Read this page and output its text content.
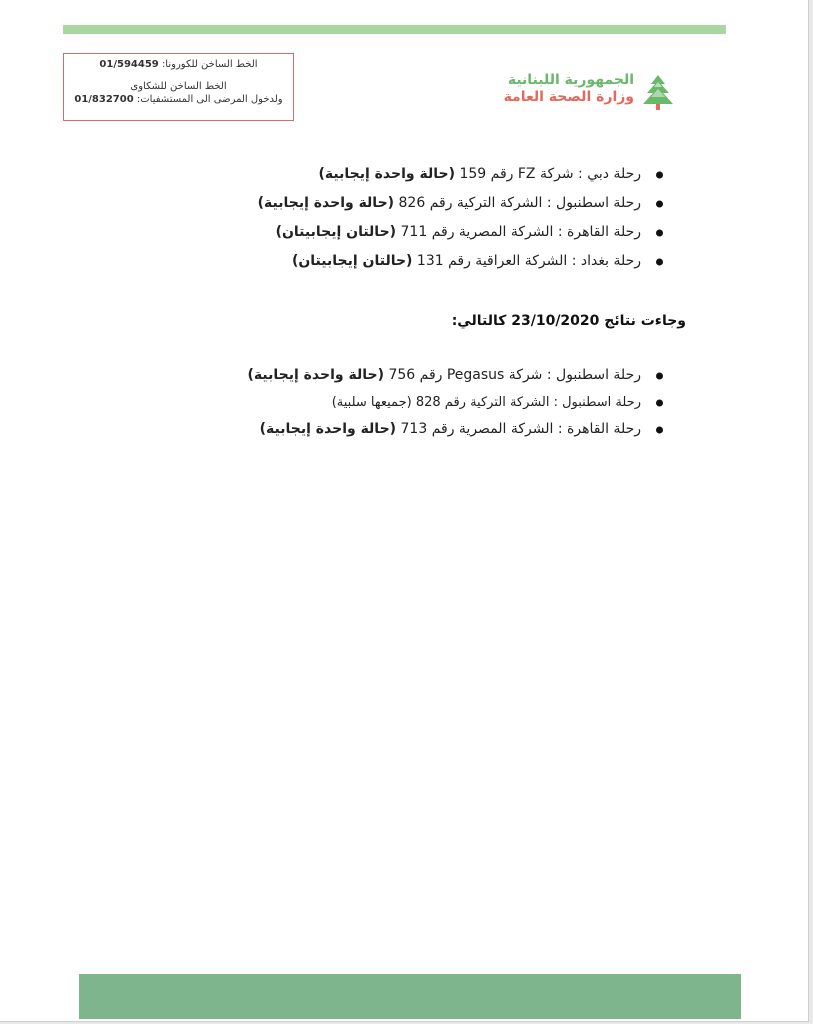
الخط الساخن للكورونا: 01/594459
الخط الساخن للشكاوى
ولدخول المرضى الى المستشفيات: 01/832700
الجمهورية اللبنانية
وزارة الصحة العامة
رحلة دبي : شركة FZ رقم 159 (حالة واحدة إيجابية)
رحلة اسطنبول : الشركة التركية رقم 826 (حالة واحدة إيجابية)
رحلة القاهرة : الشركة المصرية رقم 711 (حالتان إيجابيتان)
رحلة بغداد : الشركة العراقية رقم 131 (حالتان إيجابيتان)
وجاءت نتائج 23/10/2020 كالتالي:
رحلة اسطنبول : شركة Pegasus رقم 756 (حالة واحدة إيجابية)
رحلة اسطنبول : الشركة التركية رقم 828 (جميعها سلبية)
رحلة القاهرة : الشركة المصرية رقم 713 (حالة واحدة إيجابية)
